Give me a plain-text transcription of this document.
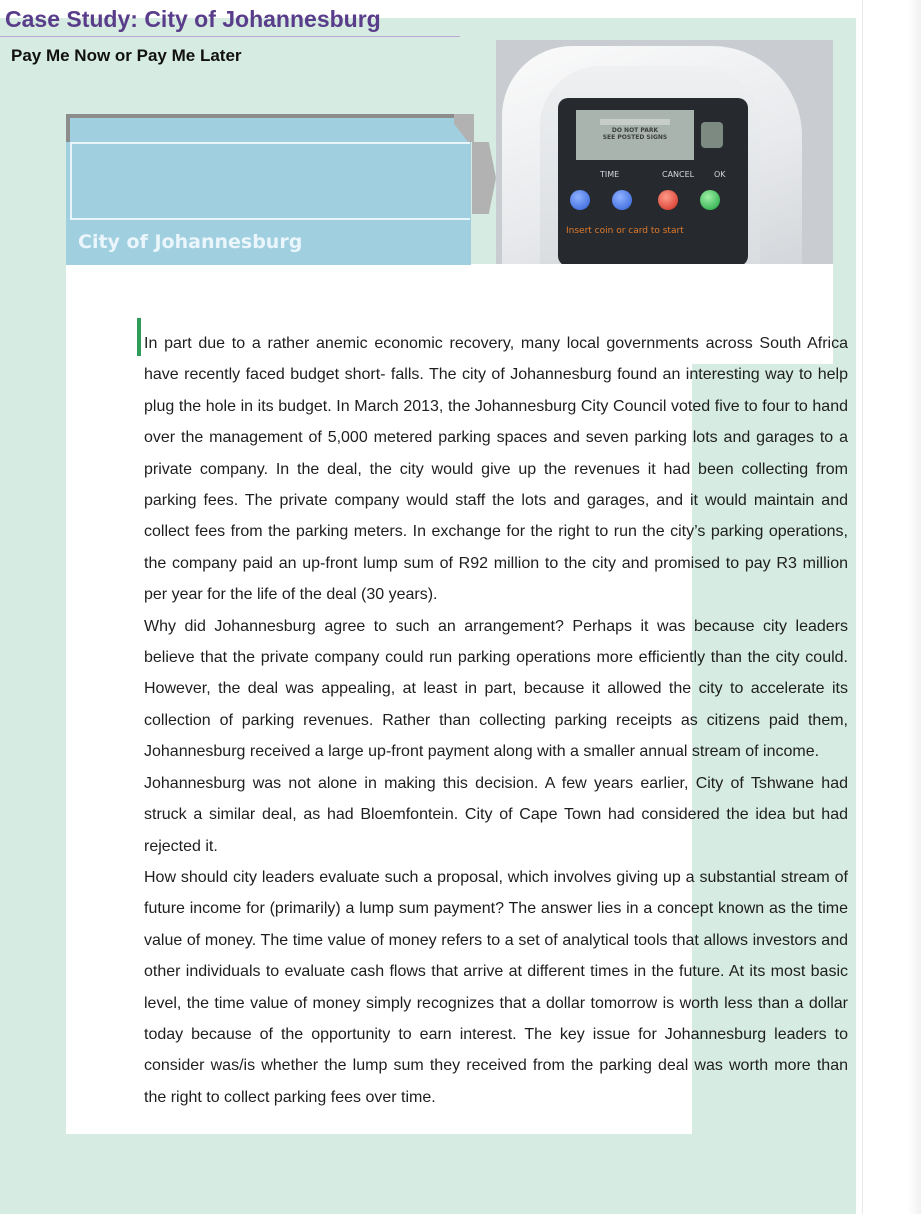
Case Study: City of Johannesburg
Pay Me Now or Pay Me Later
City of Johannesburg
DO NOT PARK
SEE POSTED SIGNS
TIME	CANCEL OK
Insert coin or card to start

In part due to a rather anemic economic recovery, many local governments across South Africa have recently faced budget short- falls. The city of Johannesburg found an interesting way to help plug the hole in its budget. In March 2013, the Johannesburg City Council voted five to four to hand over the management of 5,000 metered parking spaces and seven parking lots and garages to a private company. In the deal, the city would give up the revenues it had been collecting from parking fees. The private company would staff the lots and garages, and it would maintain and collect fees from the parking meters. In exchange for the right to run the city’s parking operations, the company paid an up-front lump sum of R92 million to the city and promised to pay R3 million per year for the life of the deal (30 years).

Why did Johannesburg agree to such an arrangement? Perhaps it was because city leaders believe that the private company could run parking operations more efficiently than the city could. However, the deal was appealing, at least in part, because it allowed the city to accelerate its collection of parking revenues. Rather than collecting parking receipts as citizens paid them, Johannesburg received a large up-front payment along with a smaller annual stream of income.

Johannesburg was not alone in making this decision. A few years earlier, City of Tshwane had struck a similar deal, as had Bloemfontein. City of Cape Town had considered the idea but had rejected it.

How should city leaders evaluate such a proposal, which involves giving up a substantial stream of future income for (primarily) a lump sum payment? The answer lies in a concept known as the time value of money. The time value of money refers to a set of analytical tools that allows investors and other individuals to evaluate cash flows that arrive at different times in the future. At its most basic level, the time value of money simply recognizes that a dollar tomorrow is worth less than a dollar today because of the opportunity to earn interest. The key issue for Johannesburg leaders to consider was/is whether the lump sum they received from the parking deal was worth more than the right to collect parking fees over time.
